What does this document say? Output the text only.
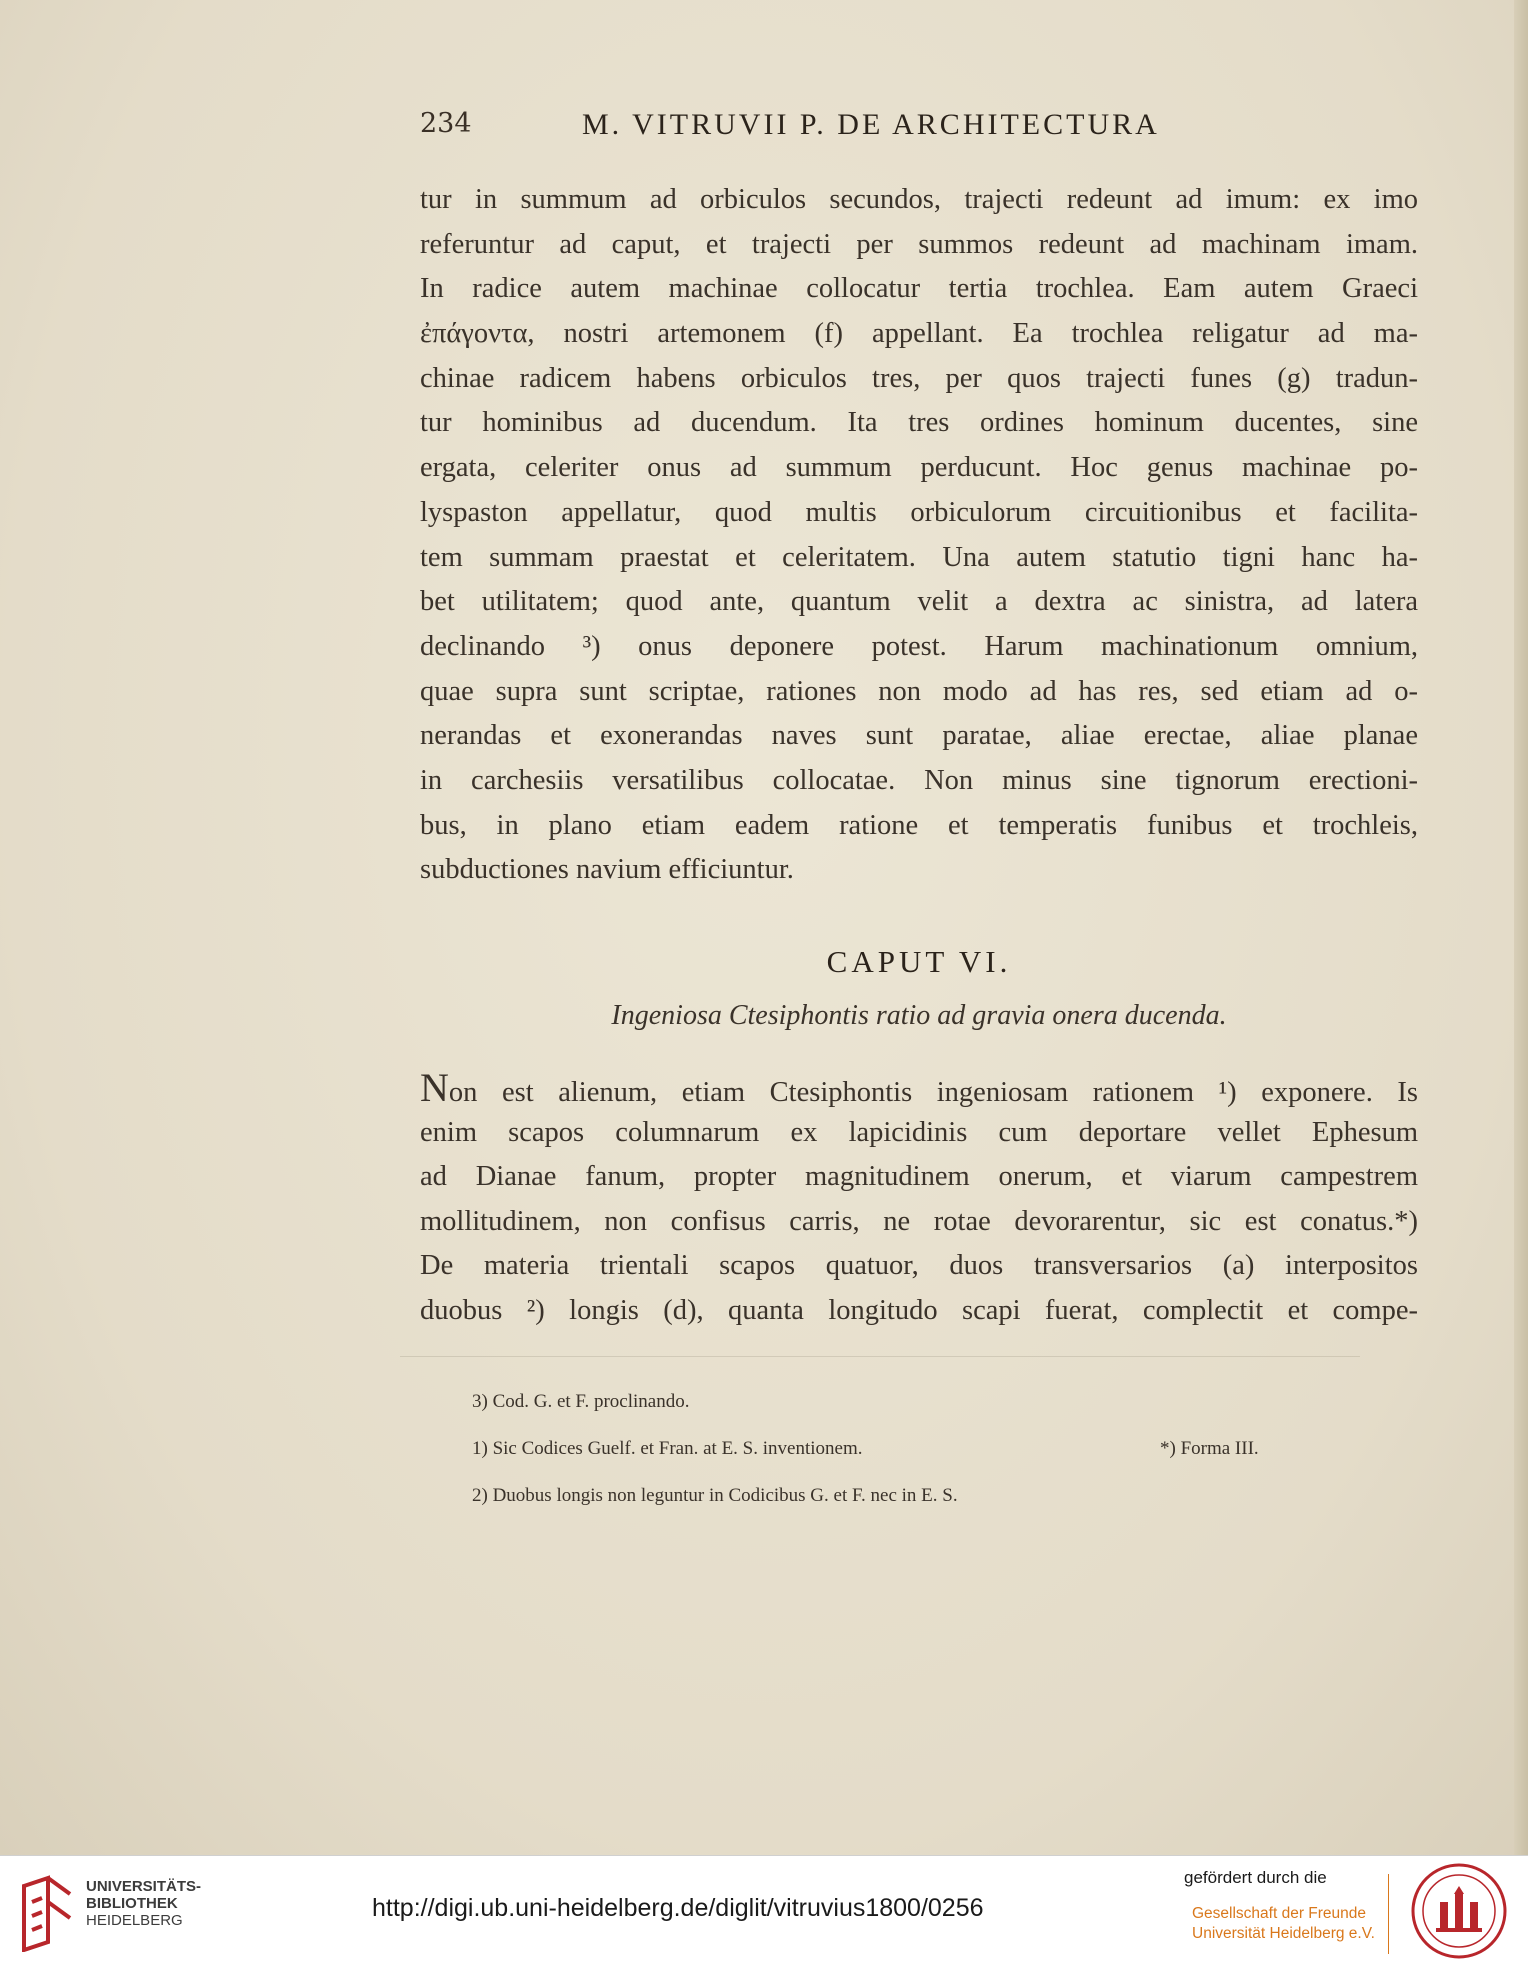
234	M. VITRUVII P. DE ARCHITECTURA
tur in summum ad orbiculos secundos, trajecti redeunt ad imum: ex imo
referuntur ad caput, et trajecti per summos redeunt ad machinam imam.
In radice autem machinae collocatur tertia trochlea. Eam autem Graeci
ἐπάγοντα, nostri artemonem (f) appellant. Ea trochlea religatur ad ma-
chinae radicem habens orbiculos tres, per quos trajecti funes (g) tradun-
tur hominibus ad ducendum. Ita tres ordines hominum ducentes, sine
ergata, celeriter onus ad summum perducunt. Hoc genus machinae po-
lyspaston appellatur, quod multis orbiculorum circuitionibus et facilita-
tem summam praestat et celeritatem. Una autem statutio tigni hanc ha-
bet utilitatem; quod ante, quantum velit a dextra ac sinistra, ad latera
declinando ³) onus deponere potest. Harum machinationum omnium,
quae supra sunt scriptae, rationes non modo ad has res, sed etiam ad o-
nerandas et exonerandas naves sunt paratae, aliae erectae, aliae planae
in carchesiis versatilibus collocatae. Non minus sine tignorum erectioni-
bus, in plano etiam eadem ratione et temperatis funibus et trochleis,
subductiones navium efficiuntur.
CAPUT VI.
Ingeniosa Ctesiphontis ratio ad gravia onera ducenda.
Non est alienum, etiam Ctesiphontis ingeniosam rationem ¹) exponere. Is
enim scapos columnarum ex lapicidinis cum deportare vellet Ephesum
ad Dianae fanum, propter magnitudinem onerum, et viarum campestrem
mollitudinem, non confisus carris, ne rotae devorarentur, sic est conatus.*)
De materia trientali scapos quatuor, duos transversarios (a) interpositos
duobus ²) longis (d), quanta longitudo scapi fuerat, complectit et compe-
3) Cod. G. et F. proclinando.
1) Sic Codices Guelf. et Fran. at E. S. inventionem.	*) Forma III.
2) Duobus longis non leguntur in Codicibus G. et F. nec in E. S.
UNIVERSITÄTS-
BIBLIOTHEK
HEIDELBERG	http://digi.ub.uni-heidelberg.de/diglit/vitruvius1800/0256
gefördert durch die
Gesellschaft der Freunde
Universität Heidelberg e.V.
